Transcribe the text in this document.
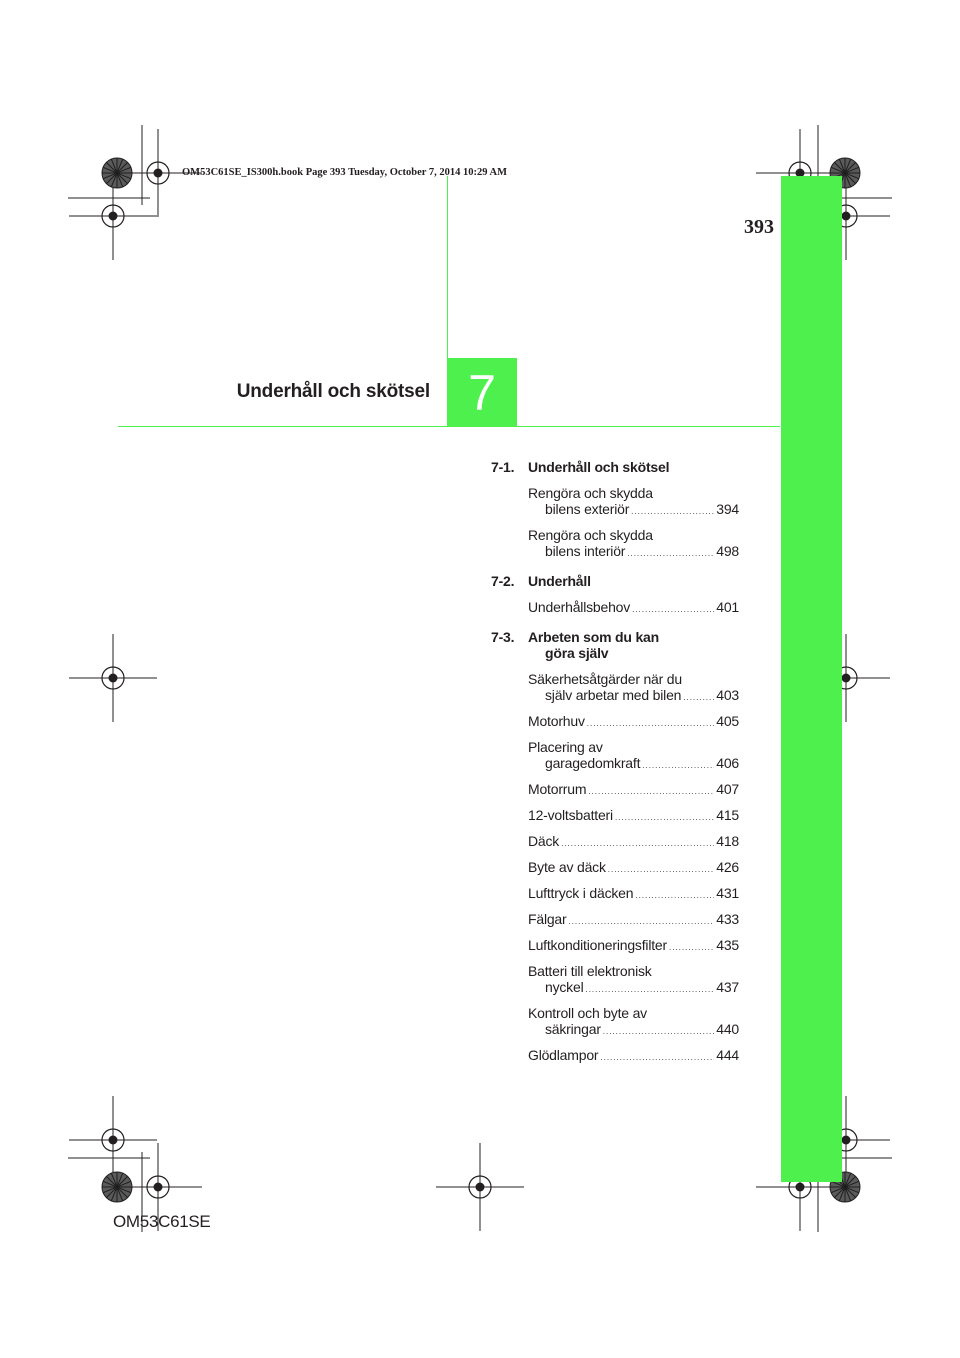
OM53C61SE_IS300h.book Page 393 Tuesday, October 7, 2014 10:29 AM
393
Underhåll och skötsel 7
7-1. Underhåll och skötsel
Rengöra och skydda
bilens exteriör .....	394
Rengöra och skydda
bilens interiör .....	498
7-2. Underhåll
Underhållsbehov .....	401
7-3. Arbeten som du kan
göra själv
Säkerhetsåtgärder när du
själv arbetar med bilen ..... 403
Motorhuv .....	405
Placering av
garagedomkraft .....	406
Motorrum .....	407
12-voltsbatteri .....	415
Däck .....	418
Byte av däck .....	426
Lufttryck i däcken .....	431
Fälgar .....	433
Luftkonditioneringsfilter .....	435
Batteri till elektronisk
nyckel .....	437
Kontroll och byte av
säkringar .....	440
Glödlampor .....	444
OM53C61SE
